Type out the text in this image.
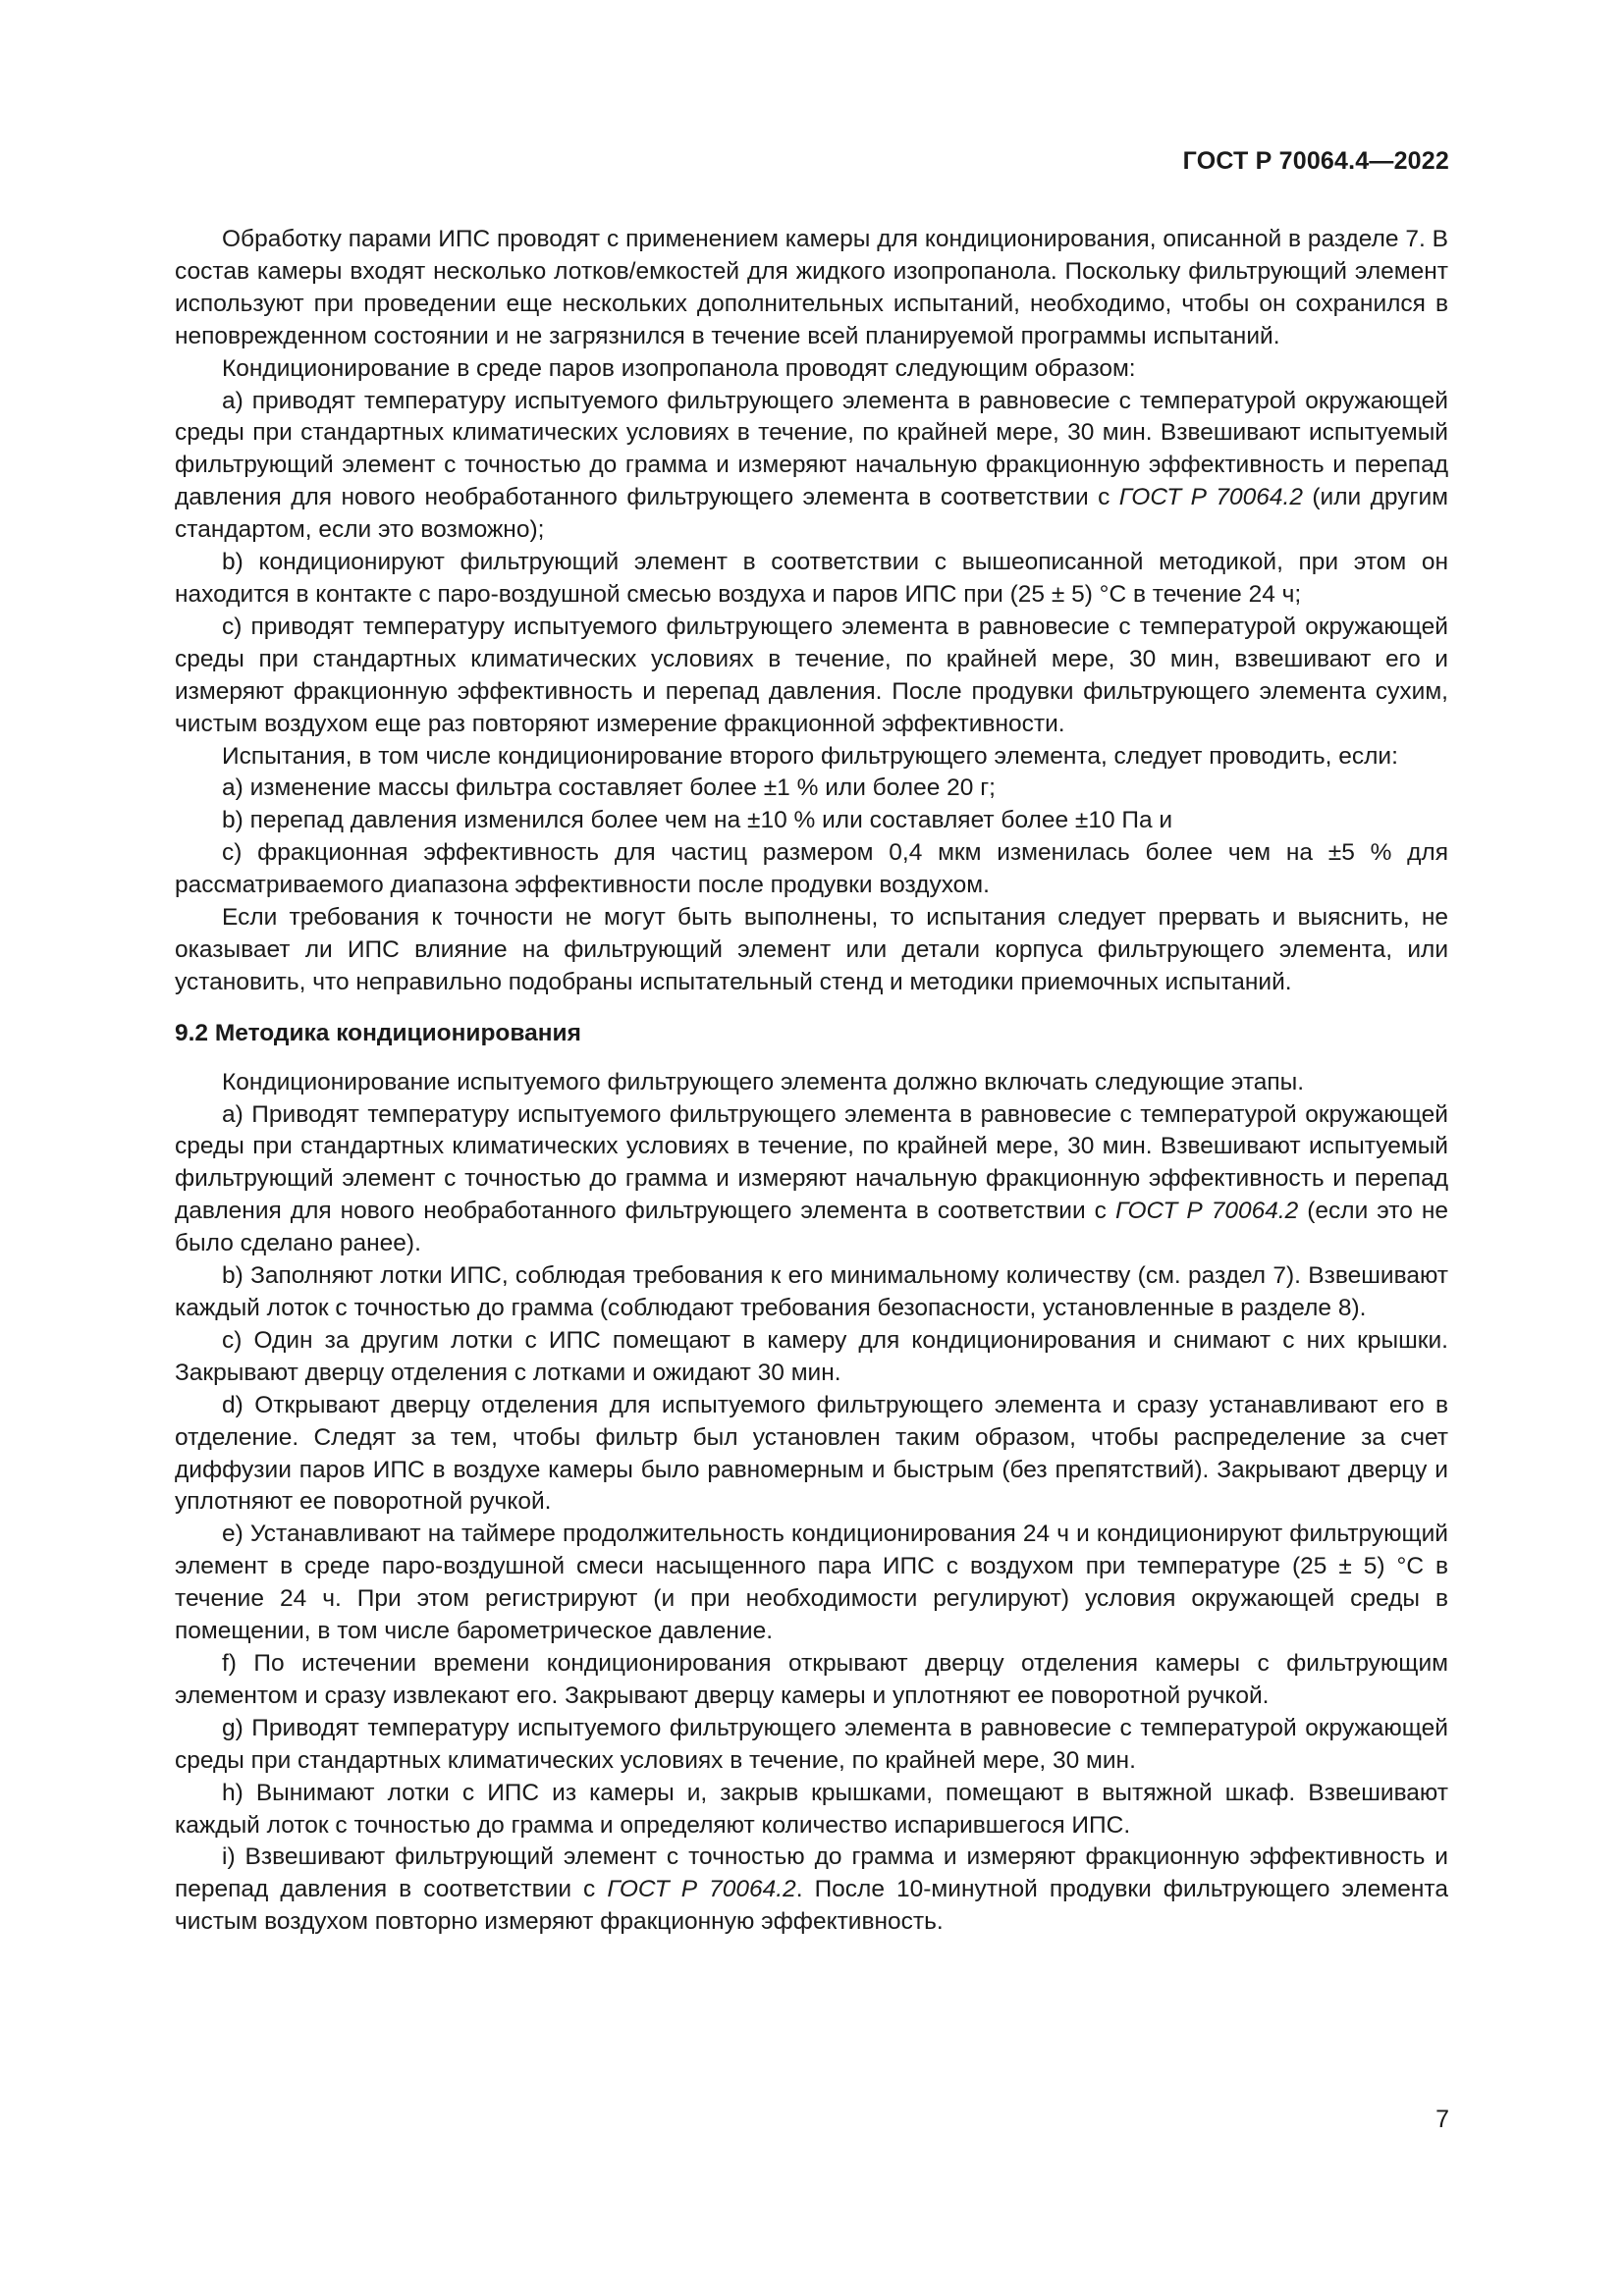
ГОСТ Р 70064.4—2022

Обработку парами ИПС проводят с применением камеры для кондиционирования, описанной в разделе 7. В состав камеры входят несколько лотков/емкостей для жидкого изопропанола. Поскольку фильтрующий элемент используют при проведении еще нескольких дополнительных испытаний, необходимо, чтобы он сохранился в неповрежденном состоянии и не загрязнился в течение всей планируемой программы испытаний.

Кондиционирование в среде паров изопропанола проводят следующим образом:

a) приводят температуру испытуемого фильтрующего элемента в равновесие с температурой окружающей среды при стандартных климатических условиях в течение, по крайней мере, 30 мин. Взвешивают испытуемый фильтрующий элемент с точностью до грамма и измеряют начальную фракционную эффективность и перепад давления для нового необработанного фильтрующего элемента в соответствии с ГОСТ Р 70064.2 (или другим стандартом, если это возможно);

b) кондиционируют фильтрующий элемент в соответствии с вышеописанной методикой, при этом он находится в контакте с паро-воздушной смесью воздуха и паров ИПС при (25 ± 5) °С в течение 24 ч;

c) приводят температуру испытуемого фильтрующего элемента в равновесие с температурой окружающей среды при стандартных климатических условиях в течение, по крайней мере, 30 мин, взвешивают его и измеряют фракционную эффективность и перепад давления. После продувки фильтрующего элемента сухим, чистым воздухом еще раз повторяют измерение фракционной эффективности.

Испытания, в том числе кондиционирование второго фильтрующего элемента, следует проводить, если:

a) изменение массы фильтра составляет более ±1 % или более 20 г;

b) перепад давления изменился более чем на ±10 % или составляет более ±10 Па и

c) фракционная эффективность для частиц размером 0,4 мкм изменилась более чем на ±5 % для рассматриваемого диапазона эффективности после продувки воздухом.

Если требования к точности не могут быть выполнены, то испытания следует прервать и выяснить, не оказывает ли ИПС влияние на фильтрующий элемент или детали корпуса фильтрующего элемента, или установить, что неправильно подобраны испытательный стенд и методики приемочных испытаний.

9.2 Методика кондиционирования

Кондиционирование испытуемого фильтрующего элемента должно включать следующие этапы.

a) Приводят температуру испытуемого фильтрующего элемента в равновесие с температурой окружающей среды при стандартных климатических условиях в течение, по крайней мере, 30 мин. Взвешивают испытуемый фильтрующий элемент с точностью до грамма и измеряют начальную фракционную эффективность и перепад давления для нового необработанного фильтрующего элемента в соответствии с ГОСТ Р 70064.2 (если это не было сделано ранее).

b) Заполняют лотки ИПС, соблюдая требования к его минимальному количеству (см. раздел 7). Взвешивают каждый лоток с точностью до грамма (соблюдают требования безопасности, установленные в разделе 8).

c) Один за другим лотки с ИПС помещают в камеру для кондиционирования и снимают с них крышки. Закрывают дверцу отделения с лотками и ожидают 30 мин.

d) Открывают дверцу отделения для испытуемого фильтрующего элемента и сразу устанавливают его в отделение. Следят за тем, чтобы фильтр был установлен таким образом, чтобы распределение за счет диффузии паров ИПС в воздухе камеры было равномерным и быстрым (без препятствий). Закрывают дверцу и уплотняют ее поворотной ручкой.

e) Устанавливают на таймере продолжительность кондиционирования 24 ч и кондиционируют фильтрующий элемент в среде паро-воздушной смеси насыщенного пара ИПС с воздухом при температуре (25 ± 5) °С в течение 24 ч. При этом регистрируют (и при необходимости регулируют) условия окружающей среды в помещении, в том числе барометрическое давление.

f) По истечении времени кондиционирования открывают дверцу отделения камеры с фильтрующим элементом и сразу извлекают его. Закрывают дверцу камеры и уплотняют ее поворотной ручкой.

g) Приводят температуру испытуемого фильтрующего элемента в равновесие с температурой окружающей среды при стандартных климатических условиях в течение, по крайней мере, 30 мин.

h) Вынимают лотки с ИПС из камеры и, закрыв крышками, помещают в вытяжной шкаф. Взвешивают каждый лоток с точностью до грамма и определяют количество испарившегося ИПС.

i) Взвешивают фильтрующий элемент с точностью до грамма и измеряют фракционную эффективность и перепад давления в соответствии с ГОСТ Р 70064.2. После 10-минутной продувки фильтрующего элемента чистым воздухом повторно измеряют фракционную эффективность.

7
